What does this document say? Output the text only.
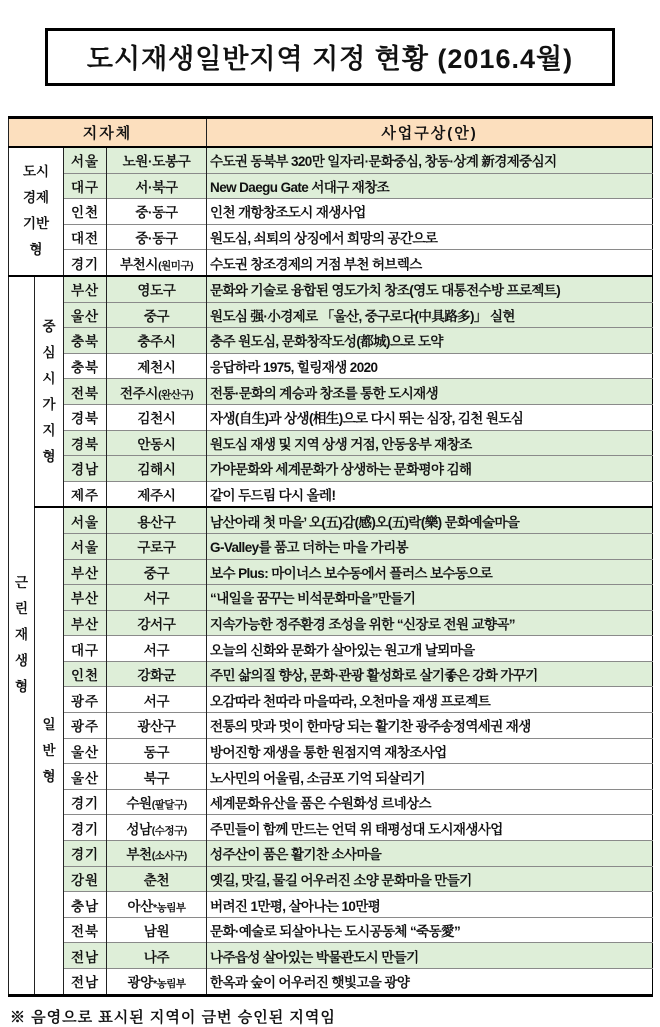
도시재생일반지역 지정 현황 (2016.4월)
지자체				사업구상(안)

도시
경제
기반
형		서울	노원·도봉구	수도권 동북부 320만 일자리·문화중심, 창동·상계 新경제중심지
		대구	서·북구	New Daegu Gate 서대구 재창조
		인천	중·동구	인천 개항창조도시 재생사업
		대전	중·동구	원도심, 쇠퇴의 상징에서 희망의 공간으로
		경기	부천시(원미구)	수도권 창조경제의 거점 부천 허브렉스

근
린
재
생
형

중
심
시
가
지
형
	부산	영도구	문화와 기술로 융합된 영도가치 창조(영도 대통전수방 프로젝트)
		울산	중구	원도심 强·小경제로 「울산, 중구로다(中具路多)」 실현
		충북	충주시	충주 원도심, 문화창작도성(都城)으로 도약
		충북	제천시	응답하라 1975, 힐링재생 2020
		전북	전주시(완산구)	전통·문화의 계승과 창조를 통한 도시재생
		경북	김천시	자생(自生)과 상생(相生)으로 다시 뛰는 심장, 김천 원도심
		경북	안동시	원도심 재생 및 지역 상생 거점, 안동웅부 재창조
		경남	김해시	가야문화와 세계문화가 상생하는 문화평야 김해
		제주	제주시	같이 두드림 다시 올레!

	일
반
형	서울	용산구	남산아래 첫 마을’ 오(五)감(感)오(五)락(樂) 문화예술마을
		서울	구로구	G-Valley를 품고 더하는 마을 가리봉
		부산	중구	보수 Plus: 마이너스 보수동에서 플러스 보수동으로
		부산	서구	“내일을 꿈꾸는 비석문화마을”만들기
		부산	강서구	지속가능한 정주환경 조성을 위한 “신장로 전원 교향곡”
		대구	서구	오늘의 신화와 문화가 살아있는 원고개 날뫼마을
		인천	강화군	주민 삶의질 향상, 문화·관광 활성화로 살기좋은 강화 가꾸기
		광주	서구	오감따라 천따라 마을따라, 오천마을 재생 프로젝트
		광주	광산구	전통의 맛과 멋이 한마당 되는 활기찬 광주송정역세권 재생
		울산	동구	방어진항 재생을 통한 원점지역 재창조사업
		울산	북구	노사민의 어울림, 소금포 기억 되살리기
		경기	수원(팔달구)	세계문화유산을 품은 수원화성 르네상스
		경기	성남(수정구)	주민들이 함께 만드는 언덕 위 태평성대 도시재생사업
		경기	부천(소사구)	성주산이 품은 활기찬 소사마을
		강원	춘천	옛길, 맛길, 물길 어우러진 소양 문화마을 만들기
		충남	아산*농림부	버려진 1만평, 살아나는 10만평
		전북	남원	문화·예술로 되살아나는 도시공동체 “죽동愛”
		전남	나주	나주읍성 살아있는 박물관도시 만들기
		전남	광양*농림부	한옥과 숲이 어우러진 햇빛고을 광양
※ 음영으로 표시된 지역이 금번 승인된 지역임
